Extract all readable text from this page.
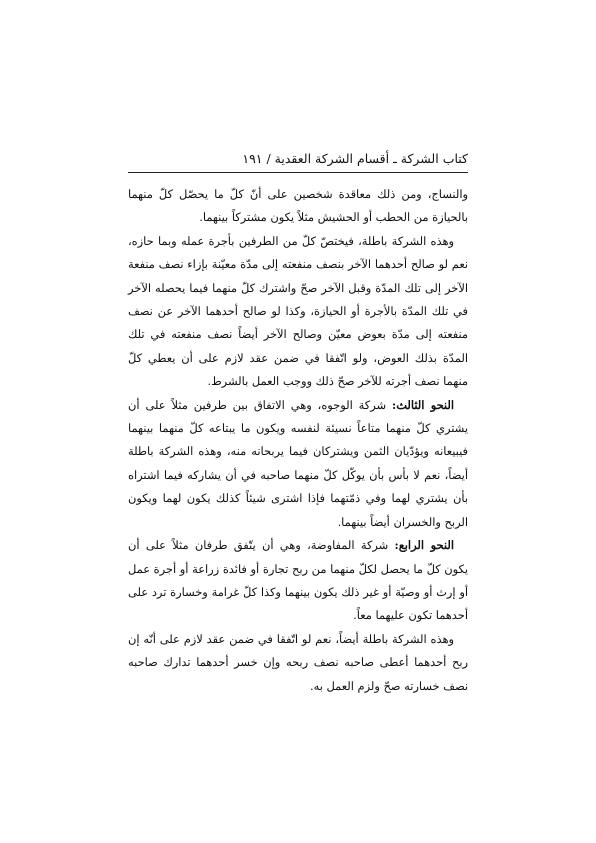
كتاب الشركة ـ أقسام الشركة العقدية / ١٩١

والنساج، ومن ذلك معاقدة شخصين على أنّ كلّ ما يحصّل كلّ منهما بالحيازة من الحطب أو الحشيش مثلاً يكون مشتركاً بينهما.

وهذه الشركة باطلة، فيختصّ كلّ من الطرفين بأجرة عمله وبما حازه، نعم لو صالح أحدهما الآخر بنصف منفعته إلى مدّة معيّنة بإزاء نصف منفعة الآخر إلى تلك المدّة وقبل الآخر صحّ واشترك كلّ منهما فيما يحصله الآخر في تلك المدّة بالأجرة أو الحيازة، وكذا لو صالح أحدهما الآخر عن نصف منفعته إلى مدّة بعوض معيّن وصالح الآخر أيضاً نصف منفعته في تلك المدّة بذلك العوض، ولو اتّفقا في ضمن عقد لازم على أن يعطي كلّ منهما نصف أجرته للآخر صحّ ذلك ووجب العمل بالشرط.

النحو الثالث: شركة الوجوه، وهي الاتفاق بين طرفين مثلاً على أن يشتري كلّ منهما متاعاً نسيئة لنفسه ويكون ما يبتاعه كلّ منهما بينهما فيبيعانه ويؤدّيان الثمن ويشتركان فيما يربحانه منه، وهذه الشركة باطلة أيضاً، نعم لا بأس بأن يوكّل كلّ منهما صاحبه في أن يشاركه فيما اشتراه بأن يشتري لهما وفي ذمّتهما فإذا اشترى شيئاً كذلك يكون لهما ويكون الربح والخسران أيضاً بينهما.

النحو الرابع: شركة المفاوضة، وهي أن يتّفق طرفان مثلاً على أن يكون كلّ ما يحصل لكلّ منهما من ربح تجارة أو فائدة زراعة أو أجرة عمل أو إرث أو وصيّة أو غير ذلك يكون بينهما وكذا كلّ غرامة وخسارة ترد على أحدهما تكون عليهما معاً.

وهذه الشركة باطلة أيضاً، نعم لو اتّفقا في ضمن عقد لازم على أنّه إن ربح أحدهما أعطى صاحبه نصف ربحه وإن خسر أحدهما تدارك صاحبه نصف خسارته صحّ ولزم العمل به.
